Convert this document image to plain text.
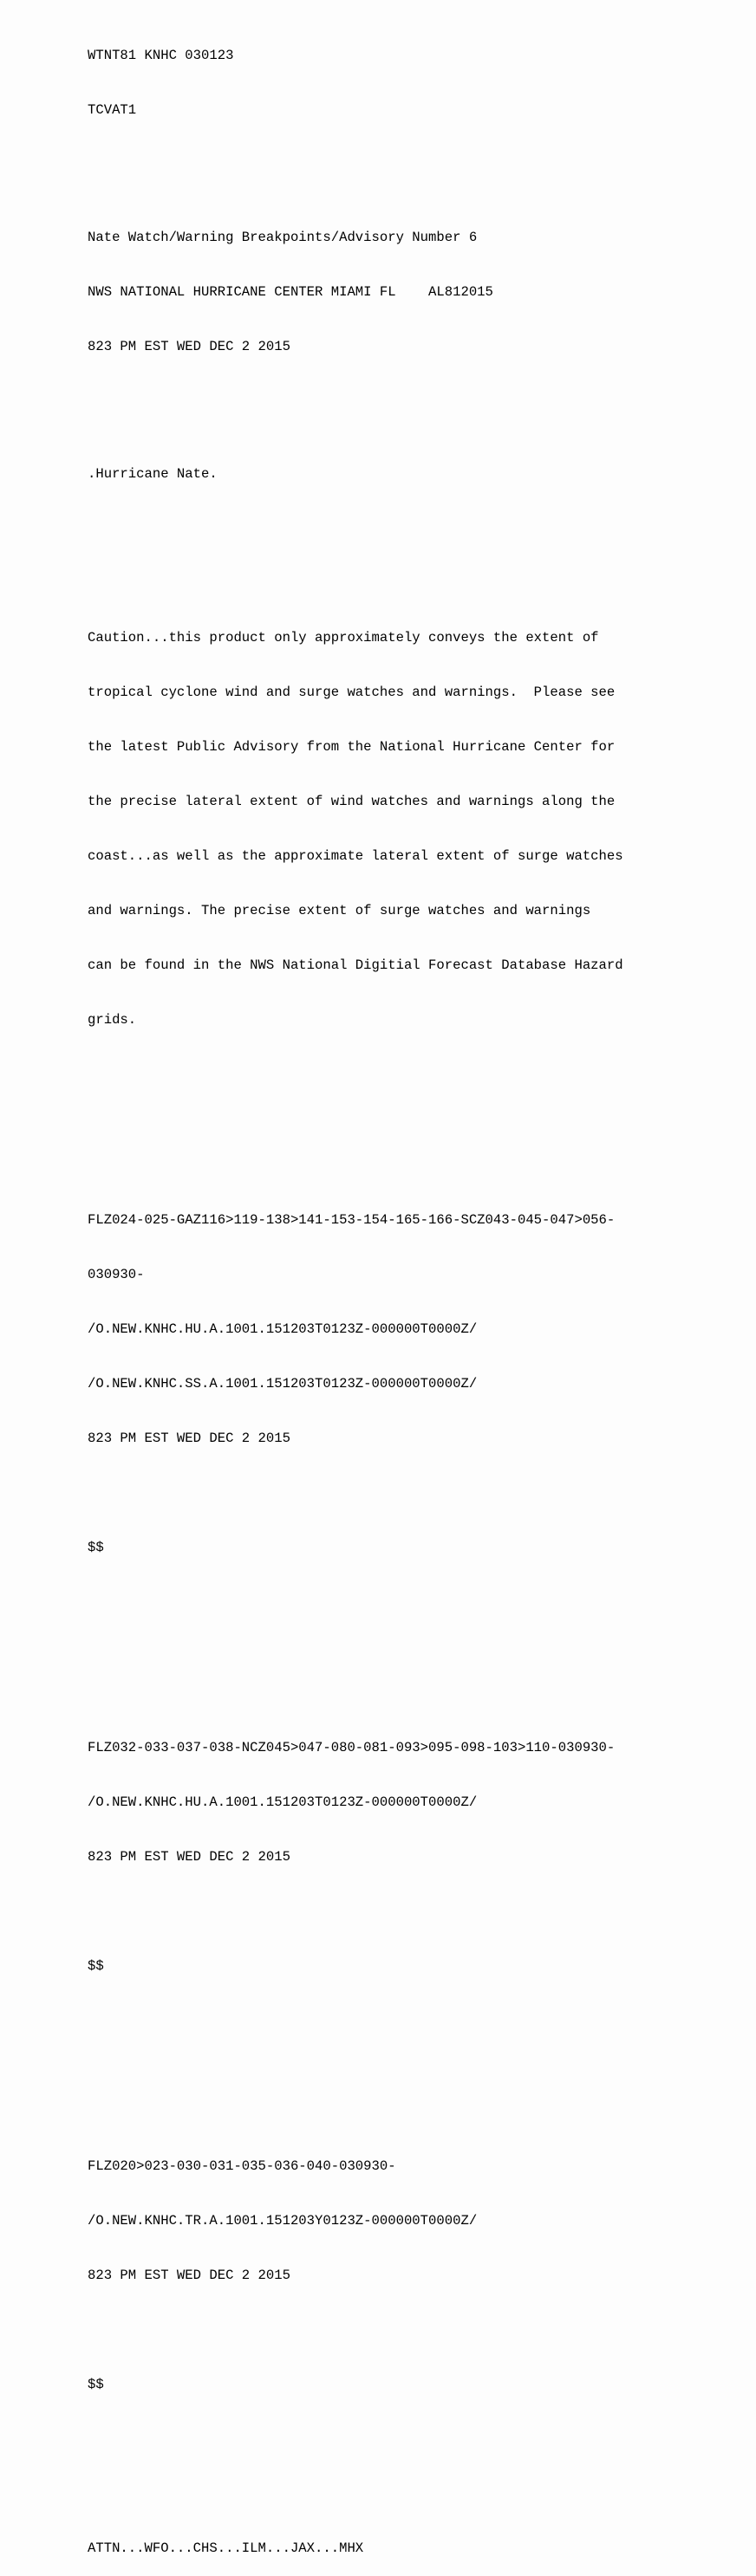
WTNT81 KNHC 030123

TCVAT1

Nate Watch/Warning Breakpoints/Advisory Number 6

NWS NATIONAL HURRICANE CENTER MIAMI FL    AL812015

823 PM EST WED DEC 2 2015

.Hurricane Nate.

Caution...this product only approximately conveys the extent of

tropical cyclone wind and surge watches and warnings.  Please see

the latest Public Advisory from the National Hurricane Center for

the precise lateral extent of wind watches and warnings along the

coast...as well as the approximate lateral extent of surge watches

and warnings. The precise extent of surge watches and warnings

can be found in the NWS National Digitial Forecast Database Hazard

grids.

FLZ024-025-GAZ116>119-138>141-153-154-165-166-SCZ043-045-047>056-

030930-

/O.NEW.KNHC.HU.A.1001.151203T0123Z-000000T0000Z/

/O.NEW.KNHC.SS.A.1001.151203T0123Z-000000T0000Z/

823 PM EST WED DEC 2 2015

$$

FLZ032-033-037-038-NCZ045>047-080-081-093>095-098-103>110-030930-

/O.NEW.KNHC.HU.A.1001.151203T0123Z-000000T0000Z/

823 PM EST WED DEC 2 2015

$$

FLZ020>023-030-031-035-036-040-030930-

/O.NEW.KNHC.TR.A.1001.151203Y0123Z-000000T0000Z/

823 PM EST WED DEC 2 2015

$$

ATTN...WFO...CHS...ILM...JAX...MHX
